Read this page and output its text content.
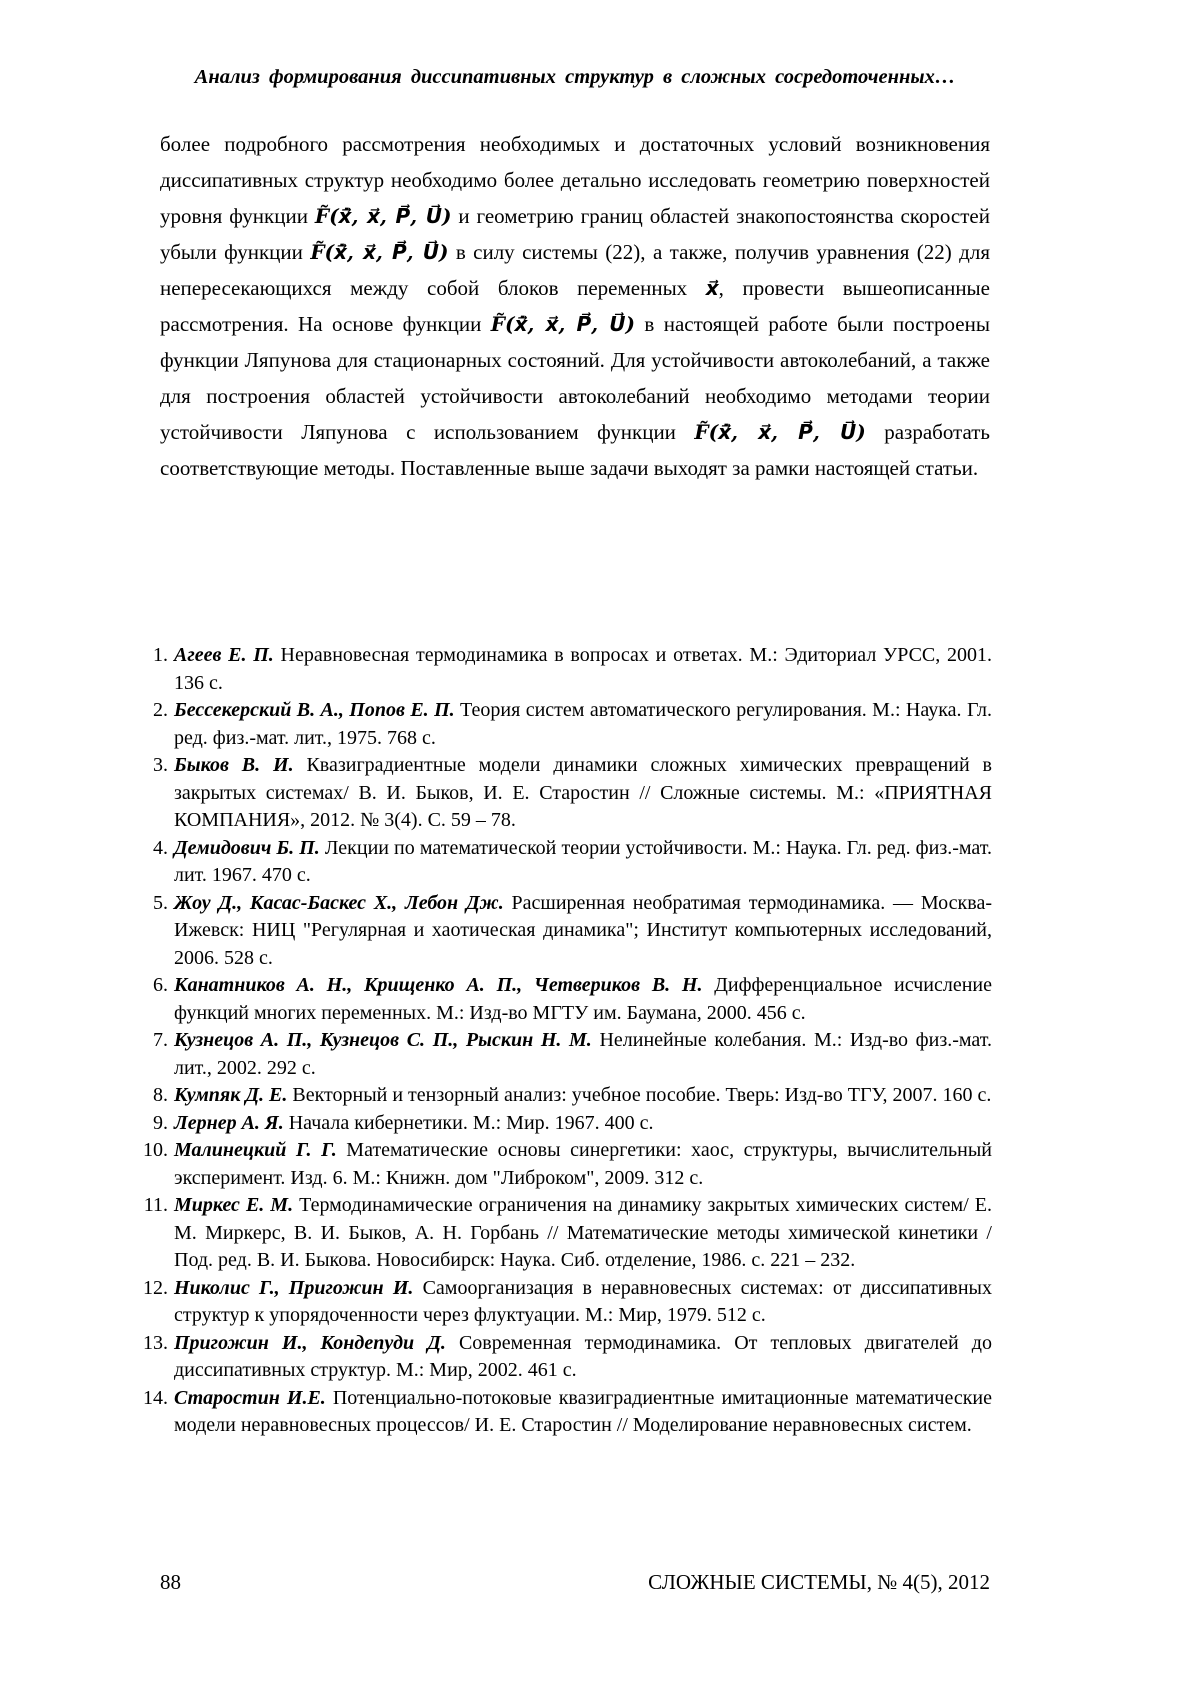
Анализ формирования диссипативных структур в сложных сосредоточенных…

более подробного рассмотрения необходимых и достаточных условий возникновения диссипативных структур необходимо более детально исследовать геометрию поверхностей уровня функции F̃(x⃗̇, x⃗, P⃗, U⃗) и геометрию границ областей знакопостоянства скоростей убыли функции F̃(x⃗̇, x⃗, P⃗, U⃗) в силу системы (22), а также, получив уравнения (22) для непересекающихся между собой блоков переменных x⃗, провести вышеописанные рассмотрения. На основе функции F̃(x⃗̇, x⃗, P⃗, U⃗) в настоящей работе были построены функции Ляпунова для стационарных состояний. Для устойчивости автоколебаний, а также для построения областей устойчивости автоколебаний необходимо методами теории устойчивости Ляпунова с использованием функции F̃(x⃗̇, x⃗, P⃗, U⃗) разработать соответствующие методы. Поставленные выше задачи выходят за рамки настоящей статьи.

1. Агеев Е. П. Неравновесная термодинамика в вопросах и ответах. М.: Эдиториал УРСС, 2001. 136 с.
2. Бессекерский В. А., Попов Е. П. Теория систем автоматического регулирования. М.: Наука. Гл. ред. физ.-мат. лит., 1975. 768 с.
3. Быков В. И. Квазиградиентные модели динамики сложных химических превращений в закрытых системах/ В. И. Быков, И. Е. Старостин // Сложные системы. М.: «ПРИЯТНАЯ КОМПАНИЯ», 2012. № 3(4). С. 59 – 78.
4. Демидович Б. П. Лекции по математической теории устойчивости. М.: Наука. Гл. ред. физ.-мат. лит. 1967. 470 с.
5. Жоу Д., Касас-Баскес Х., Лебон Дж. Расширенная необратимая термодинамика. — Москва-Ижевск: НИЦ "Регулярная и хаотическая динамика"; Институт компьютерных исследований, 2006. 528 с.
6. Канатников А. Н., Крищенко А. П., Четвериков В. Н. Дифференциальное исчисление функций многих переменных. М.: Изд-во МГТУ им. Баумана, 2000. 456 с.
7. Кузнецов А. П., Кузнецов С. П., Рыскин Н. М. Нелинейные колебания. М.: Изд-во физ.-мат. лит., 2002. 292 с.
8. Кумпяк Д. Е. Векторный и тензорный анализ: учебное пособие. Тверь: Изд-во ТГУ, 2007. 160 с.
9. Лернер А. Я. Начала кибернетики. М.: Мир. 1967. 400 с.
10. Малинецкий Г. Г. Математические основы синергетики: хаос, структуры, вычислительный эксперимент. Изд. 6. М.: Книжн. дом "Либроком", 2009. 312 с.
11. Миркес Е. М. Термодинамические ограничения на динамику закрытых химических систем/ Е. М. Миркерс, В. И. Быков, А. Н. Горбань // Математические методы химической кинетики / Под. ред. В. И. Быкова. Новосибирск: Наука. Сиб. отделение, 1986. с. 221 – 232.
12. Николис Г., Пригожин И. Самоорганизация в неравновесных системах: от диссипативных структур к упорядоченности через флуктуации. М.: Мир, 1979. 512 с.
13. Пригожин И., Кондепуди Д. Современная термодинамика. От тепловых двигателей до диссипативных структур. М.: Мир, 2002. 461 с.
14. Старостин И.Е. Потенциально-потоковые квазиградиентные имитационные математические модели неравновесных процессов/ И. Е. Старостин // Моделирование неравновесных систем.
88	СЛОЖНЫЕ СИСТЕМЫ, № 4(5), 2012
